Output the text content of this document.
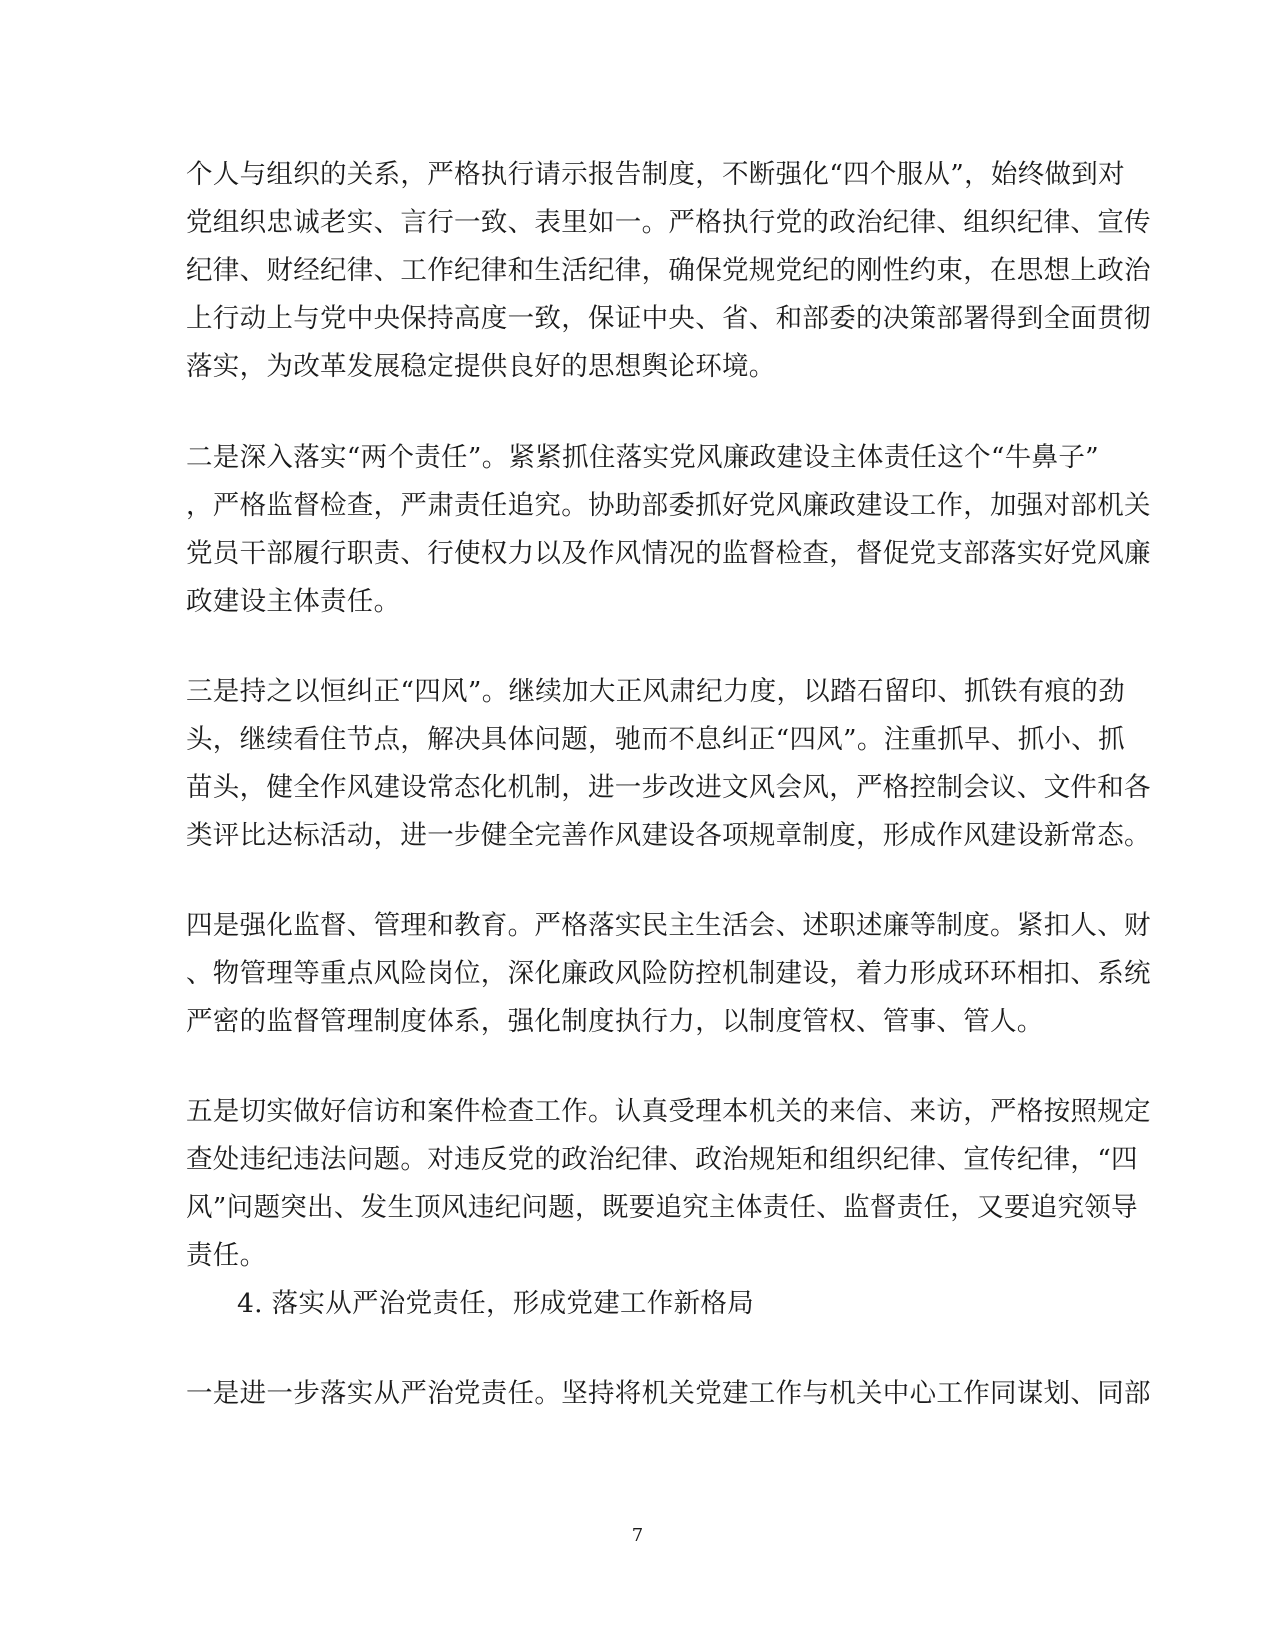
个人与组织的关系，严格执行请示报告制度，不断强化“四个服从”，始终做到对
党组织忠诚老实、言行一致、表里如一。严格执行党的政治纪律、组织纪律、宣传
纪律、财经纪律、工作纪律和生活纪律，确保党规党纪的刚性约束，在思想上政治
上行动上与党中央保持高度一致，保证中央、省、和部委的决策部署得到全面贯彻
落实，为改革发展稳定提供良好的思想舆论环境。
二是深入落实“两个责任”。紧紧抓住落实党风廉政建设主体责任这个“牛鼻子”
，严格监督检查，严肃责任追究。协助部委抓好党风廉政建设工作，加强对部机关
党员干部履行职责、行使权力以及作风情况的监督检查，督促党支部落实好党风廉
政建设主体责任。
三是持之以恒纠正“四风”。继续加大正风肃纪力度，以踏石留印、抓铁有痕的劲
头，继续看住节点，解决具体问题，驰而不息纠正“四风”。注重抓早、抓小、抓
苗头，健全作风建设常态化机制，进一步改进文风会风，严格控制会议、文件和各
类评比达标活动，进一步健全完善作风建设各项规章制度，形成作风建设新常态。
四是强化监督、管理和教育。严格落实民主生活会、述职述廉等制度。紧扣人、财
、物管理等重点风险岗位，深化廉政风险防控机制建设，着力形成环环相扣、系统
严密的监督管理制度体系，强化制度执行力，以制度管权、管事、管人。
五是切实做好信访和案件检查工作。认真受理本机关的来信、来访，严格按照规定
查处违纪违法问题。对违反党的政治纪律、政治规矩和组织纪律、宣传纪律，“四
风”问题突出、发生顶风违纪问题，既要追究主体责任、监督责任，又要追究领导
责任。
4. 落实从严治党责任，形成党建工作新格局
一是进一步落实从严治党责任。坚持将机关党建工作与机关中心工作同谋划、同部
7
